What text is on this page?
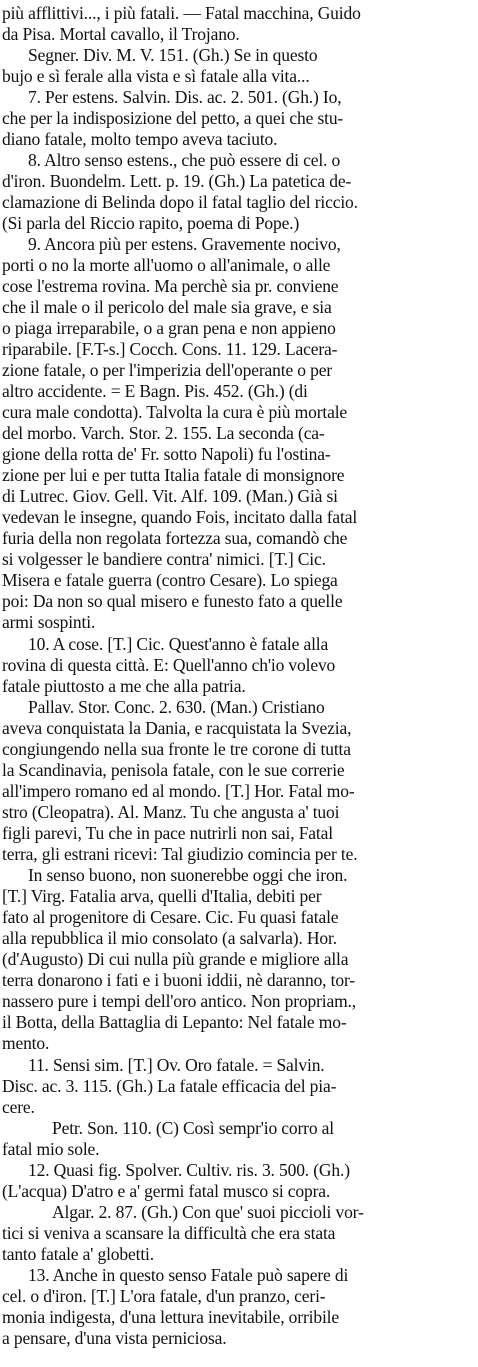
più afflittivi..., i più fatali. — Fatal macchina, Guido
da Pisa. Mortal cavallo, il Trojano.
Segner. Div. M. V. 151. (Gh.) Se in questo
bujo e sì ferale alla vista e sì fatale alla vita...
7. Per estens. Salvin. Dis. ac. 2. 501. (Gh.) Io,
che per la indisposizione del petto, a quei che stu-
diano fatale, molto tempo aveva taciuto.
8. Altro senso estens., che può essere di cel. o
d'iron. Buondelm. Lett. p. 19. (Gh.) La patetica de-
clamazione di Belinda dopo il fatal taglio del riccio.
(Si parla del Riccio rapito, poema di Pope.)
9. Ancora più per estens. Gravemente nocivo,
porti o no la morte all'uomo o all'animale, o alle
cose l'estrema rovina. Ma perchè sia pr. conviene
che il male o il pericolo del male sia grave, e sia
o piaga irreparabile, o a gran pena e non appieno
riparabile. [F.T-s.] Cocch. Cons. 11. 129. Lacera-
zione fatale, o per l'imperizia dell'operante o per
altro accidente. = E Bagn. Pis. 452. (Gh.) (di
cura male condotta). Talvolta la cura è più mortale
del morbo. Varch. Stor. 2. 155. La seconda (ca-
gione della rotta de' Fr. sotto Napoli) fu l'ostina-
zione per lui e per tutta Italia fatale di monsignore
di Lutrec. Giov. Gell. Vit. Alf. 109. (Man.) Già si
vedevan le insegne, quando Fois, incitato dalla fatal
furia della non regolata fortezza sua, comandò che
si volgesser le bandiere contra' nimici. [T.] Cic.
Misera e fatale guerra (contro Cesare). Lo spiega
poi: Da non so qual misero e funesto fato a quelle
armi sospinti.
10. A cose. [T.] Cic. Quest'anno è fatale alla
rovina di questa città. E: Quell'anno ch'io volevo
fatale piuttosto a me che alla patria.
Pallav. Stor. Conc. 2. 630. (Man.) Cristiano
aveva conquistata la Dania, e racquistata la Svezia,
congiungendo nella sua fronte le tre corone di tutta
la Scandinavia, penisola fatale, con le sue correrie
all'impero romano ed al mondo. [T.] Hor. Fatal mo-
stro (Cleopatra). Al. Manz. Tu che angusta a' tuoi
figli parevi, Tu che in pace nutrirli non sai, Fatal
terra, gli estrani ricevi: Tal giudizio comincia per te.
In senso buono, non suonerebbe oggi che iron.
[T.] Virg. Fatalia arva, quelli d'Italia, debiti per
fato al progenitore di Cesare. Cic. Fu quasi fatale
alla repubblica il mio consolato (a salvarla). Hor.
(d'Augusto) Di cui nulla più grande e migliore alla
terra donarono i fati e i buoni iddii, nè daranno, tor-
nassero pure i tempi dell'oro antico. Non propriam.,
il Botta, della Battaglia di Lepanto: Nel fatale mo-
mento.
11. Sensi sim. [T.] Ov. Oro fatale. = Salvin.
Disc. ac. 3. 115. (Gh.) La fatale efficacia del pia-
cere.
Petr. Son. 110. (C) Così sempr'io corro al
fatal mio sole.
12. Quasi fig. Spolver. Cultiv. ris. 3. 500. (Gh.)
(L'acqua) D'atro e a' germi fatal musco si copra.
Algar. 2. 87. (Gh.) Con que' suoi piccioli vor-
tici si veniva a scansare la difficultà che era stata
tanto fatale a' globetti.
13. Anche in questo senso Fatale può sapere di
cel. o d'iron. [T.] L'ora fatale, d'un pranzo, ceri-
monia indigesta, d'una lettura inevitabile, orribile
a pensare, d'una vista perniciosa.
